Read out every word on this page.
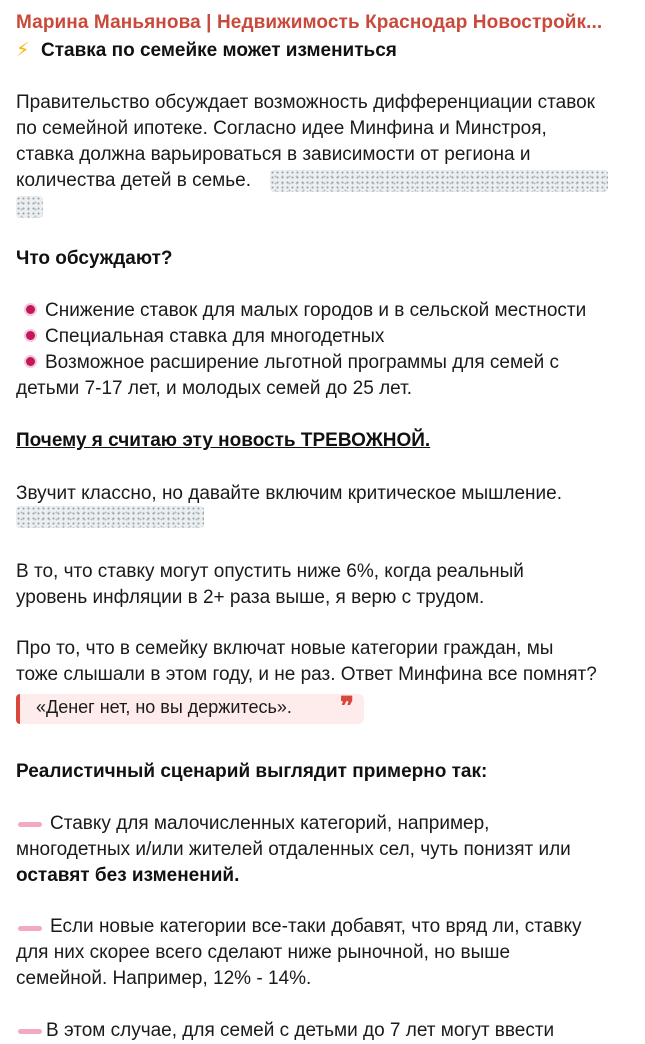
Марина Маньянова | Недвижимость Краснодар Новостройк...
⚡ Ставка по семейке может измениться
Правительство обсуждает возможность дифференциации ставок
по семейной ипотеке. Согласно идее Минфина и Минстроя,
ставка должна варьироваться в зависимости от региона и
количества детей в семье.
Что обсуждают?
Снижение ставок для малых городов и в сельской местности
Специальная ставка для многодетных
Возможное расширение льготной программы для семей с
детьми 7-17 лет, и молодых семей до 25 лет.
Почему я считаю эту новость ТРЕВОЖНОЙ.
Звучит классно, но давайте включим критическое мышление.
В то, что ставку могут опустить ниже 6%, когда реальный
уровень инфляции в 2+ раза выше, я верю с трудом.
Про то, что в семейку включат новые категории граждан, мы
тоже слышали в этом году, и не раз. Ответ Минфина все помнят?
«Денег нет, но вы держитесь». ❞
Реалистичный сценарий выглядит примерно так:
Ставку для малочисленных категорий, например,
многодетных и/или жителей отдаленных сел, чуть понизят или
оставят без изменений.
Если новые категории все-таки добавят, что вряд ли, ставку
для них скорее всего сделают ниже рыночной, но выше
семейной. Например, 12% - 14%.
В этом случае, для семей с детьми до 7 лет могут ввести
